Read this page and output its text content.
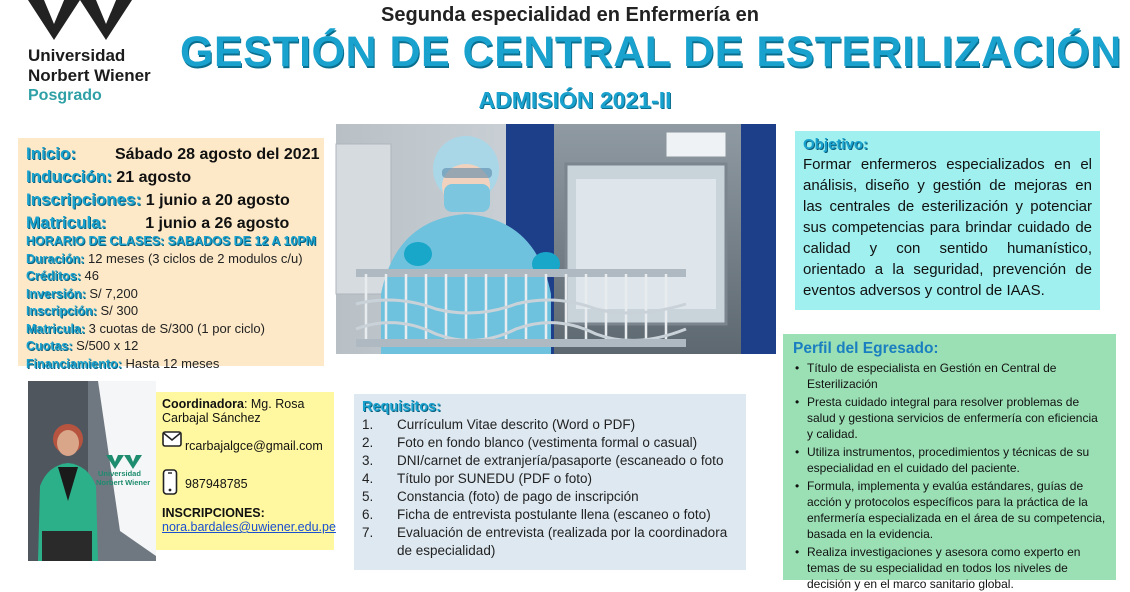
Universidad
Norbert Wiener
Posgrado
Segunda especialidad en Enfermería en
GESTIÓN DE CENTRAL DE ESTERILIZACIÓN
ADMISIÓN 2021-II
Inicio: Sábado 28 agosto del 2021
Inducción: 21 agosto
Inscripciones: 1 junio a 20 agosto
Matricula: 1 junio a 26 agosto
HORARIO DE CLASES: SABADOS DE 12 A 10PM
Duración: 12 meses (3 ciclos de 2 modulos c/u)
Créditos: 46
Inversión: S/ 7,200
Inscripción: S/ 300
Matricula: 3 cuotas de S/300 (1 por ciclo)
Cuotas: S/500 x 12
Financiamiento: Hasta 12 meses
Objetivo:
Formar enfermeros especializados en el análisis, diseño y gestión de mejoras en las centrales de esterilización y potenciar sus competencias para brindar cuidado de calidad y con sentido humanístico, orientado a la seguridad, prevención de eventos adversos y control de IAAS.
Perfil del Egresado:
• Título de especialista en Gestión en Central de Esterilización
• Presta cuidado integral para resolver problemas de salud y gestiona servicios de enfermería con eficiencia y calidad.
• Utiliza instrumentos, procedimientos y técnicas de su especialidad en el cuidado del paciente.
• Formula, implementa y evalúa estándares, guías de acción y protocolos específicos para la práctica de la enfermería especializada en el área de su competencia, basada en la evidencia.
• Realiza investigaciones y asesora como experto en temas de su especialidad en todos los niveles de decisión y en el marco sanitario global.
Universidad
Norbert Wiener
Coordinadora: Mg. Rosa Carbajal Sánchez
rcarbajalgce@gmail.com
987948785
INSCRIPCIONES:
nora.bardales@uwiener.edu.pe
Requisitos:
1. Currículum Vitae descrito (Word o PDF)
2. Foto en fondo blanco (vestimenta formal o casual)
3. DNI/carnet de extranjería/pasaporte (escaneado o foto
4. Título por SUNEDU (PDF o foto)
5. Constancia (foto) de pago de inscripción
6. Ficha de entrevista postulante llena (escaneo o foto)
7. Evaluación de entrevista (realizada por la coordinadora de especialidad)
